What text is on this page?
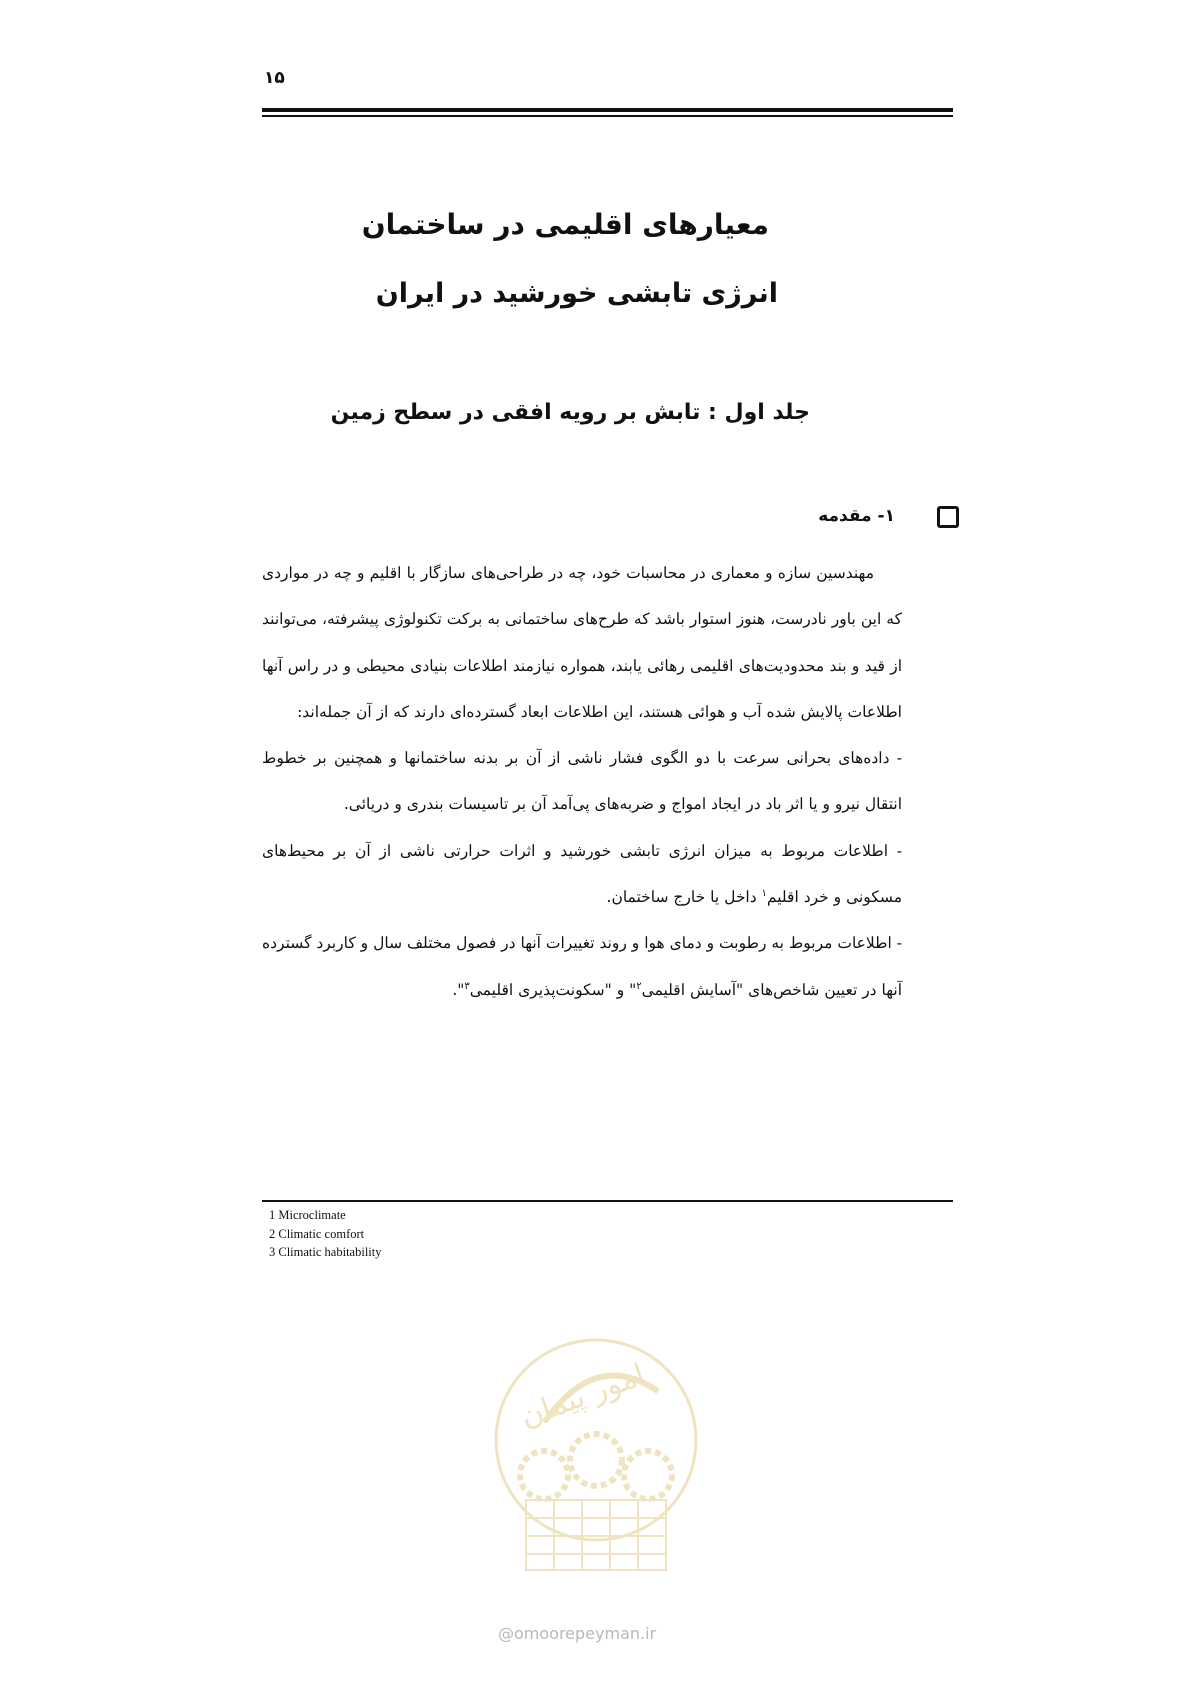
۱۵
معیارهای اقلیمی در ساختمان
انرژی تابشی خورشید در ایران
جلد اول : تابش بر رویه افقی در سطح زمین
۱- مقدمه

مهندسین سازه و معماری در محاسبات خود، چه در طراحی‌های سازگار با اقلیم و چه در مواردی که این باور نادرست، هنوز استوار باشد که طرح‌های ساختمانی به برکت تکنولوژی پیشرفته، می‌توانند از قید و بند محدودیت‌های اقلیمی رهائی یابند، همواره نیازمند اطلاعات بنیادی محیطی و در راس آنها اطلاعات پالایش شده آب و هوائی هستند، این اطلاعات ابعاد گسترده‌ای دارند که از آن جمله‌اند:

- داده‌های بحرانی سرعت با دو الگوی فشار ناشی از آن بر بدنه ساختمانها و همچنین بر خطوط انتقال نیرو و یا اثر باد در ایجاد امواج و ضربه‌های پی‌آمد آن بر تاسیسات بندری و دریائی.

- اطلاعات مربوط به میزان انرژی تابشی خورشید و اثرات حرارتی ناشی از آن بر محیط‌های مسکونی و خرد اقلیم$^۱$ داخل یا خارج ساختمان.

- اطلاعات مربوط به رطوبت و دمای هوا و روند تغییرات آنها در فصول مختلف سال و کاربرد گسترده آنها در تعیین شاخص‌های "آسایش اقلیمی$^۲$" و "سکونت‌پذیری اقلیمی$^۳$".

1 Microclimate
2 Climatic comfort
3 Climatic habitability
امور پیمان
@omoorepeyman.ir
